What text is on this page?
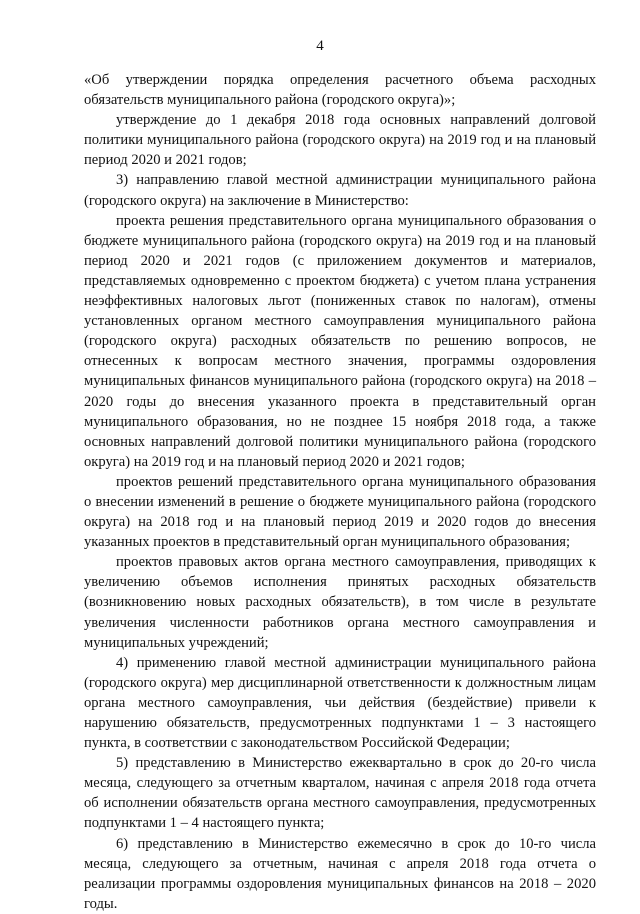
4

«Об утверждении порядка определения расчетного объема расходных обязательств муниципального района (городского округа)»;

утверждение до 1 декабря 2018 года основных направлений долговой политики муниципального района (городского округа) на 2019 год и на плановый период 2020 и 2021 годов;

3) направлению главой местной администрации муниципального района (городского округа) на заключение в Министерство:

проекта решения представительного органа муниципального образования о бюджете муниципального района (городского округа) на 2019 год и на плановый период 2020 и 2021 годов (с приложением документов и материалов, представляемых одновременно с проектом бюджета) с учетом плана устранения неэффективных налоговых льгот (пониженных ставок по налогам), отмены установленных органом местного самоуправления муниципального района (городского округа) расходных обязательств по решению вопросов, не отнесенных к вопросам местного значения, программы оздоровления муниципальных финансов муниципального района (городского округа) на 2018 – 2020 годы до внесения указанного проекта в представительный орган муниципального образования, но не позднее 15 ноября 2018 года, а также основных направлений долговой политики муниципального района (городского округа) на 2019 год и на плановый период 2020 и 2021 годов;

проектов решений представительного органа муниципального образования о внесении изменений в решение о бюджете муниципального района (городского округа) на 2018 год и на плановый период 2019 и 2020 годов до внесения указанных проектов в представительный орган муниципального образования;

проектов правовых актов органа местного самоуправления, приводящих к увеличению объемов исполнения принятых расходных обязательств (возникновению новых расходных обязательств), в том числе в результате увеличения численности работников органа местного самоуправления и муниципальных учреждений;

4) применению главой местной администрации муниципального района (городского округа) мер дисциплинарной ответственности к должностным лицам органа местного самоуправления, чьи действия (бездействие) привели к нарушению обязательств, предусмотренных подпунктами 1 – 3 настоящего пункта, в соответствии с законодательством Российской Федерации;

5) представлению в Министерство ежеквартально в срок до 20-го числа месяца, следующего за отчетным кварталом, начиная с апреля 2018 года отчета об исполнении обязательств органа местного самоуправления, предусмотренных подпунктами 1 – 4 настоящего пункта;

6) представлению в Министерство ежемесячно в срок до 10-го числа месяца, следующего за отчетным, начиная с апреля 2018 года отчета о реализации программы оздоровления муниципальных финансов на 2018 – 2020 годы.
